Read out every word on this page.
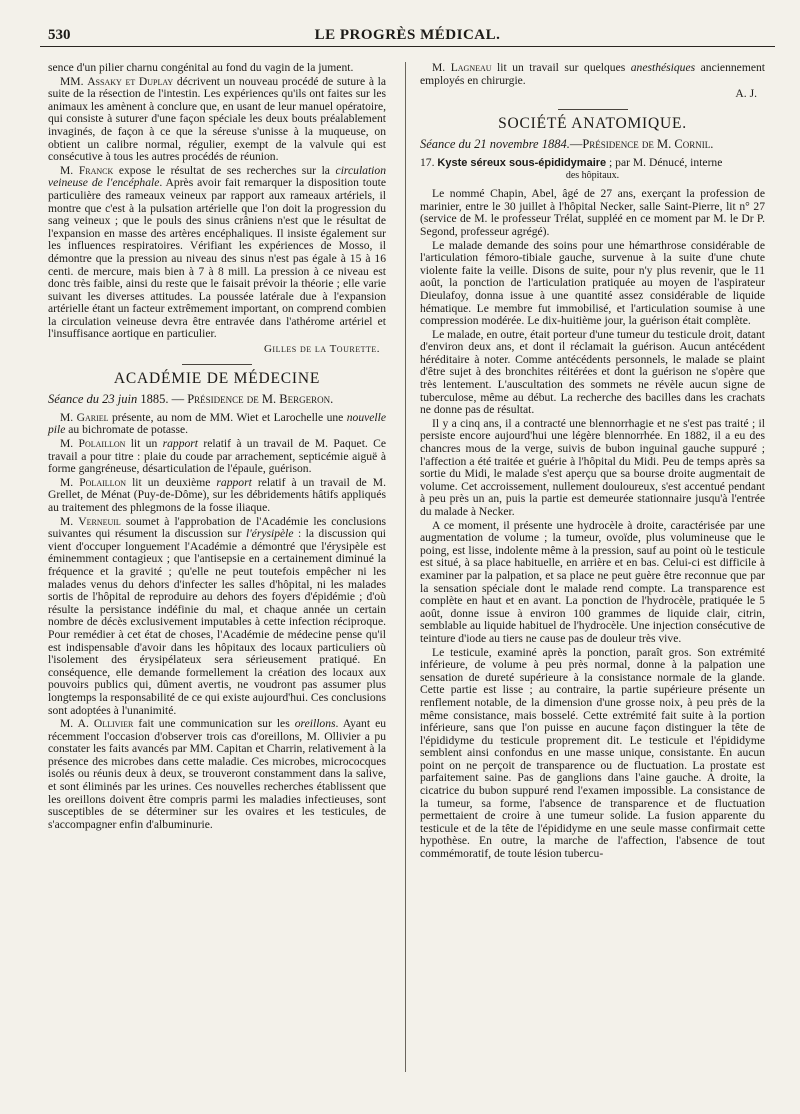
530	LE PROGRÈS MÉDICAL.

sence d'un pilier charnu congénital au fond du vagin de la jument.

MM. Assaky et Duplay décrivent un nouveau procédé de suture à la suite de la résection de l'intestin. Les expériences qu'ils ont faites sur les animaux les amènent à conclure que, en usant de leur manuel opératoire, qui consiste à suturer d'une façon spéciale les deux bouts préalablement invaginés, de façon à ce que la séreuse s'unisse à la muqueuse, on obtient un calibre normal, régulier, exempt de la valvule qui est consécutive à tous les autres procédés de réunion.

M. Franck expose le résultat de ses recherches sur la circulation veineuse de l'encéphale. Après avoir fait remarquer la disposition toute particulière des rameaux veineux par rapport aux rameaux artériels, il montre que c'est à la pulsation artérielle que l'on doit la progression du sang veineux ; que le pouls des sinus crâniens n'est que le résultat de l'expansion en masse des artères encéphaliques. Il insiste également sur les influences respiratoires. Vérifiant les expériences de Mosso, il démontre que la pression au niveau des sinus n'est pas égale à 15 à 16 centi. de mercure, mais bien à 7 à 8 mill. La pression à ce niveau est donc très faible, ainsi du reste que le faisait prévoir la théorie ; elle varie suivant les diverses attitudes. La poussée latérale due à l'expansion artérielle étant un facteur extrêmement important, on comprend combien la circulation veineuse devra être entravée dans l'athérome artériel et l'insuffisance aortique en particulier.

Gilles de la Tourette.

ACADÉMIE DE MÉDECINE

Séance du 23 juin 1885. — Présidence de M. Bergeron.

M. Gariel présente, au nom de MM. Wiet et Larochelle une nouvelle pile au bichromate de potasse.

M. Polaillon lit un rapport relatif à un travail de M. Paquet. Ce travail a pour titre : plaie du coude par arrachement, septicémie aiguë à forme gangréneuse, désarticulation de l'épaule, guérison.

M. Polaillon lit un deuxième rapport relatif à un travail de M. Grellet, de Ménat (Puy-de-Dôme), sur les débridements hâtifs appliqués au traitement des phlegmons de la fosse iliaque.

M. Verneuil soumet à l'approbation de l'Académie les conclusions suivantes qui résument la discussion sur l'érysipèle : la discussion qui vient d'occuper longuement l'Académie a démontré que l'érysipèle est éminemment contagieux ; que l'antisepsie en a certainement diminué la fréquence et la gravité ; qu'elle ne peut toutefois empêcher ni les malades venus du dehors d'infecter les salles d'hôpital, ni les malades sortis de l'hôpital de reproduire au dehors des foyers d'épidémie ; d'où résulte la persistance indéfinie du mal, et chaque année un certain nombre de décès exclusivement imputables à cette infection réciproque. Pour remédier à cet état de choses, l'Académie de médecine pense qu'il est indispensable d'avoir dans les hôpitaux des locaux particuliers où l'isolement des érysipélateux sera sérieusement pratiqué. En conséquence, elle demande formellement la création des locaux aux pouvoirs publics qui, dûment avertis, ne voudront pas assumer plus longtemps la responsabilité de ce qui existe aujourd'hui. Ces conclusions sont adoptées à l'unanimité.

M. A. Ollivier fait une communication sur les oreillons. Ayant eu récemment l'occasion d'observer trois cas d'oreillons, M. Ollivier a pu constater les faits avancés par MM. Capitan et Charrin, relativement à la présence des microbes dans cette maladie. Ces microbes, micrococques isolés ou réunis deux à deux, se trouveront constamment dans la salive, et sont éliminés par les urines. Ces nouvelles recherches établissent que les oreillons doivent être compris parmi les maladies infectieuses, sont susceptibles de se déterminer sur les ovaires et les testicules, de s'accompagner enfin d'albuminurie.

M. Lagneau lit un travail sur quelques anesthésiques anciennement employés en chirurgie.

A. J.

SOCIÉTÉ ANATOMIQUE.

Séance du 21 novembre 1884.—Présidence de M. Cornil.

17. Kyste séreux sous-épididymaire ; par M. Dénucé, interne
des hôpitaux.

Le nommé Chapin, Abel, âgé de 27 ans, exerçant la profession de marinier, entre le 30 juillet à l'hôpital Necker, salle Saint-Pierre, lit n° 27 (service de M. le professeur Trélat, suppléé en ce moment par M. le Dr P. Segond, professeur agrégé).

Le malade demande des soins pour une hémarthrose considérable de l'articulation fémoro-tibiale gauche, survenue à la suite d'une chute violente faite la veille. Disons de suite, pour n'y plus revenir, que le 11 août, la ponction de l'articulation pratiquée au moyen de l'aspirateur Dieulafoy, donna issue à une quantité assez considérable de liquide hématique. Le membre fut immobilisé, et l'articulation soumise à une compression modérée. Le dix-huitième jour, la guérison était complète.

Le malade, en outre, était porteur d'une tumeur du testicule droit, datant d'environ deux ans, et dont il réclamait la guérison. Aucun antécédent héréditaire à noter. Comme antécédents personnels, le malade se plaint d'être sujet à des bronchites réitérées et dont la guérison ne s'opère que très lentement. L'auscultation des sommets ne révèle aucun signe de tuberculose, même au début. La recherche des bacilles dans les crachats ne donne pas de résultat.

Il y a cinq ans, il a contracté une blennorrhagie et ne s'est pas traité ; il persiste encore aujourd'hui une légère blennorrhée. En 1882, il a eu des chancres mous de la verge, suivis de bubon inguinal gauche suppuré ; l'affection a été traitée et guérie à l'hôpital du Midi. Peu de temps après sa sortie du Midi, le malade s'est aperçu que sa bourse droite augmentait de volume. Cet accroissement, nullement douloureux, s'est accentué pendant à peu près un an, puis la partie est demeurée stationnaire jusqu'à l'entrée du malade à Necker.

A ce moment, il présente une hydrocèle à droite, caractérisée par une augmentation de volume ; la tumeur, ovoïde, plus volumineuse que le poing, est lisse, indolente même à la pression, sauf au point où le testicule est situé, à sa place habituelle, en arrière et en bas. Celui-ci est difficile à examiner par la palpation, et sa place ne peut guère être reconnue que par la sensation spéciale dont le malade rend compte. La transparence est complète en haut et en avant. La ponction de l'hydrocèle, pratiquée le 5 août, donne issue à environ 100 grammes de liquide clair, citrin, semblable au liquide habituel de l'hydrocèle. Une injection consécutive de teinture d'iode au tiers ne cause pas de douleur très vive.

Le testicule, examiné après la ponction, paraît gros. Son extrémité inférieure, de volume à peu près normal, donne à la palpation une sensation de dureté supérieure à la consistance normale de la glande. Cette partie est lisse ; au contraire, la partie supérieure présente un renflement notable, de la dimension d'une grosse noix, à peu près de la même consistance, mais bosselé. Cette extrémité fait suite à la portion inférieure, sans que l'on puisse en aucune façon distinguer la tête de l'épididyme du testicule proprement dit. Le testicule et l'épididyme semblent ainsi confondus en une masse unique, consistante. En aucun point on ne perçoit de transparence ou de fluctuation. La prostate est parfaitement saine. Pas de ganglions dans l'aine gauche. A droite, la cicatrice du bubon suppuré rend l'examen impossible. La consistance de la tumeur, sa forme, l'absence de transparence et de fluctuation permettaient de croire à une tumeur solide. La fusion apparente du testicule et de la tête de l'épididyme en une seule masse confirmait cette hypothèse. En outre, la marche de l'affection, l'absence de tout commémoratif, de toute lésion tubercu-
